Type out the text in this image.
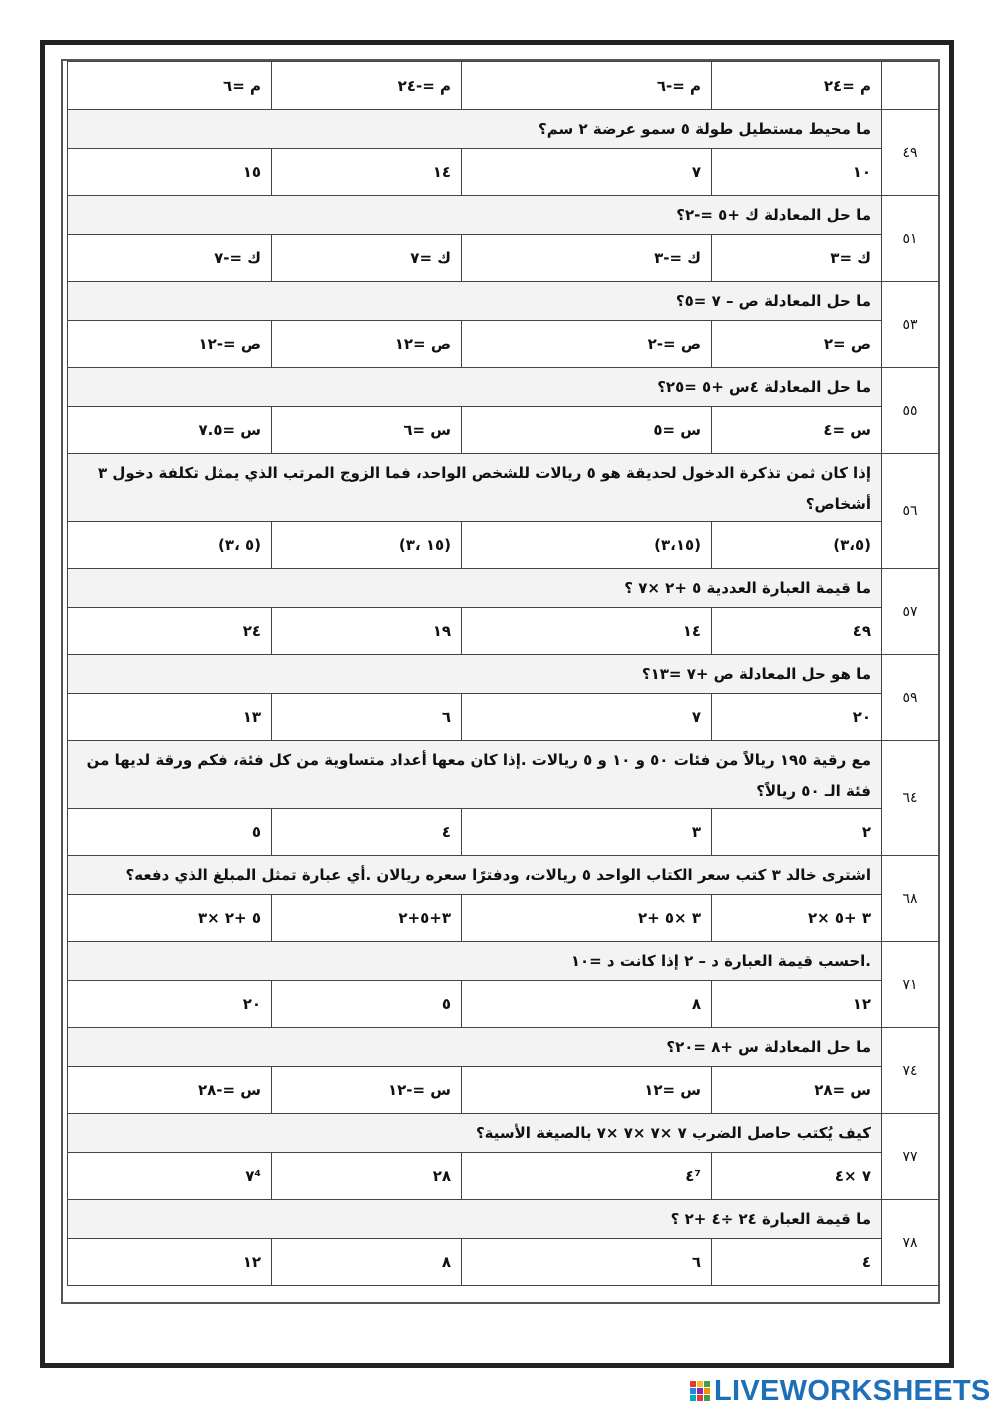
	م =٢٤	م =-٦	م =-٢٤	م =٦
٤٩	ما محيط مستطيل طولة ٥ سمو عرضة ٢ سم؟			
	١٠	٧	١٤	١٥
٥١	ما حل المعادلة ك +٥ =-٢؟			
	ك =٣	ك =-٣	ك =٧	ك =-٧
٥٣	ما حل المعادلة ص – ٧ =٥؟			
	ص =٢	ص =-٢	ص =١٢	ص =-١٢
٥٥	ما حل المعادلة ٤س +٥ =٢٥؟			
	س =٤	س =٥	س =٦	س =٧.٥
٥٦	إذا كان ثمن تذكرة الدخول لحديقة هو ٥ ريالات للشخص الواحد، فما الزوج المرتب الذي يمثل تكلفة دخول ٣ أشخاص؟			
	(٣،٥)	(٣،١٥)	(١٥ ،٣)	(٥ ،٣)
٥٧	ما قيمة العبارة العددية ٥ +٢ ×٧ ؟			
	٤٩	١٤	١٩	٢٤
٥٩	ما هو حل المعادلة ص +٧ =١٣؟			
	٢٠	٧	٦	١٣
٦٤	مع رقية ١٩٥ ريالاً من فئات ٥٠ و ١٠ و ٥ ريالات .إذا كان معها أعداد متساوية من كل فئة، فكم ورقة لديها من فئة الـ ٥٠ ريالاً؟			
	٢	٣	٤	٥
٦٨	اشترى خالد ٣ كتب سعر الكتاب الواحد ٥ ريالات، ودفترًا سعره ريالان .أي عبارة تمثل المبلغ الذي دفعه؟			
	٣ +٥ ×٢	٣ ×٥ +٢	٣+٥+٢	٥ +٢ ×٣
٧١	.احسب قيمة العبارة د – ٢ إذا كانت د =١٠			
	١٢	٨	٥	٢٠
٧٤	ما حل المعادلة س +٨ =٢٠؟			
	س =٢٨	س =١٢	س =-١٢	س =-٢٨
٧٧	كيف يُكتب حاصل الضرب ٧ ×٧ ×٧ ×٧ بالصيغة الأسية؟			
	٧ ×٤	٤⁷	٢٨	٧⁴
٧٨	ما قيمة العبارة ٢٤ ÷٤ +٢ ؟			
	٤	٦	٨	١٢
LIVEWORKSHEETS
